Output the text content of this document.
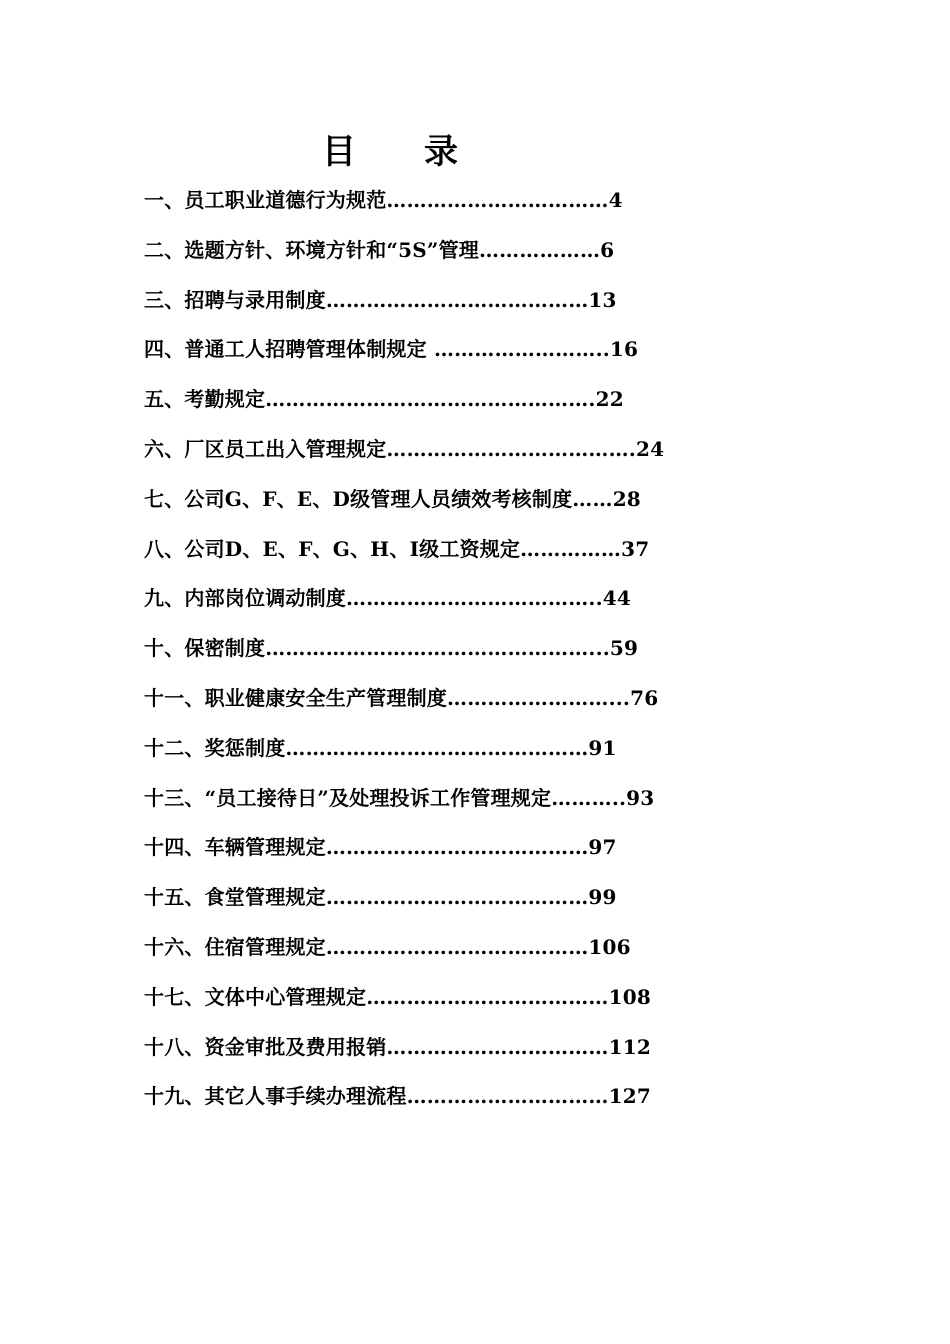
目录
一、员工职业道德行为规范……………………………4
二、选题方针、环境方针和“5S”管理………………6
三、招聘与录用制度…………………………………13
四、普通工人招聘管理体制规定 ……………………..16
五、考勤规定………………………………………….22
六、厂区员工出入管理规定……………………………….24
七、公司G、F、E、D级管理人员绩效考核制度……28
八、公司D、E、F、G、H、I级工资规定……………37
九、内部岗位调动制度………………………………..44
十、保密制度…………………………………………...59
十一、职业健康安全生产管理制度……………………...76
十二、奖惩制度………………………………………91
十三、“员工接待日”及处理投诉工作管理规定………..93
十四、车辆管理规定…………………………………97
十五、食堂管理规定…………………………………99
十六、住宿管理规定…………………………………106
十七、文体中心管理规定………………………………108
十八、资金审批及费用报销……………………………112
十九、其它人事手续办理流程…………………………127
